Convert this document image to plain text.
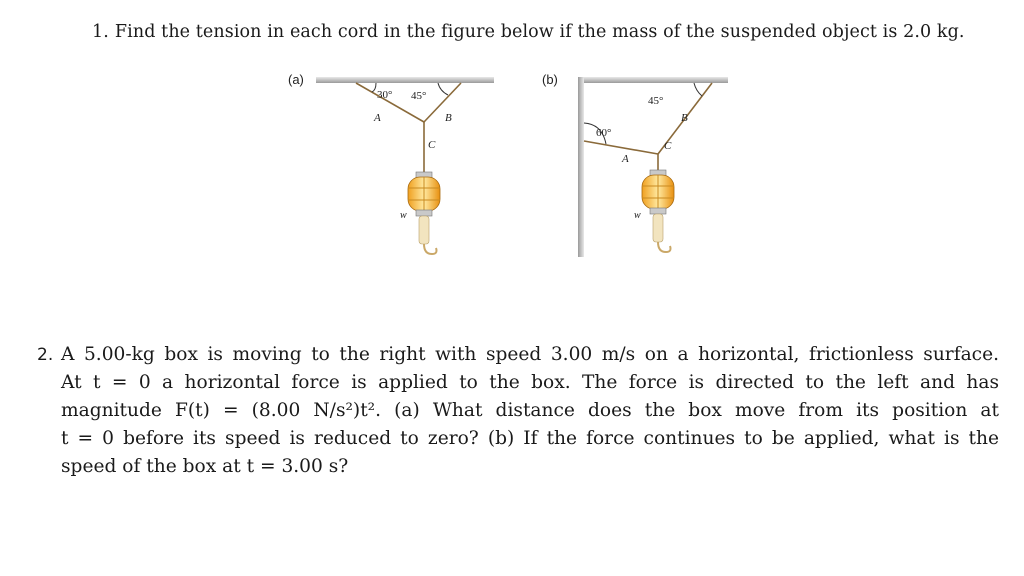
1. Find the tension in each cord in the figure below if the mass of the suspended object is 2.0 kg.
(a)
30° 45°
A	B
C
w
(b)
60°
45°
A
B
C
w
2. A 5.00-kg box is moving to the right with speed 3.00 m/s on a horizontal, frictionless surface.
At t = 0 a horizontal force is applied to the box. The force is directed to the left and has
magnitude F(t) = (8.00 N/s²)t². (a) What distance does the box move from its position at
t = 0 before its speed is reduced to zero? (b) If the force continues to be applied, what is the
speed of the box at t = 3.00 s?
